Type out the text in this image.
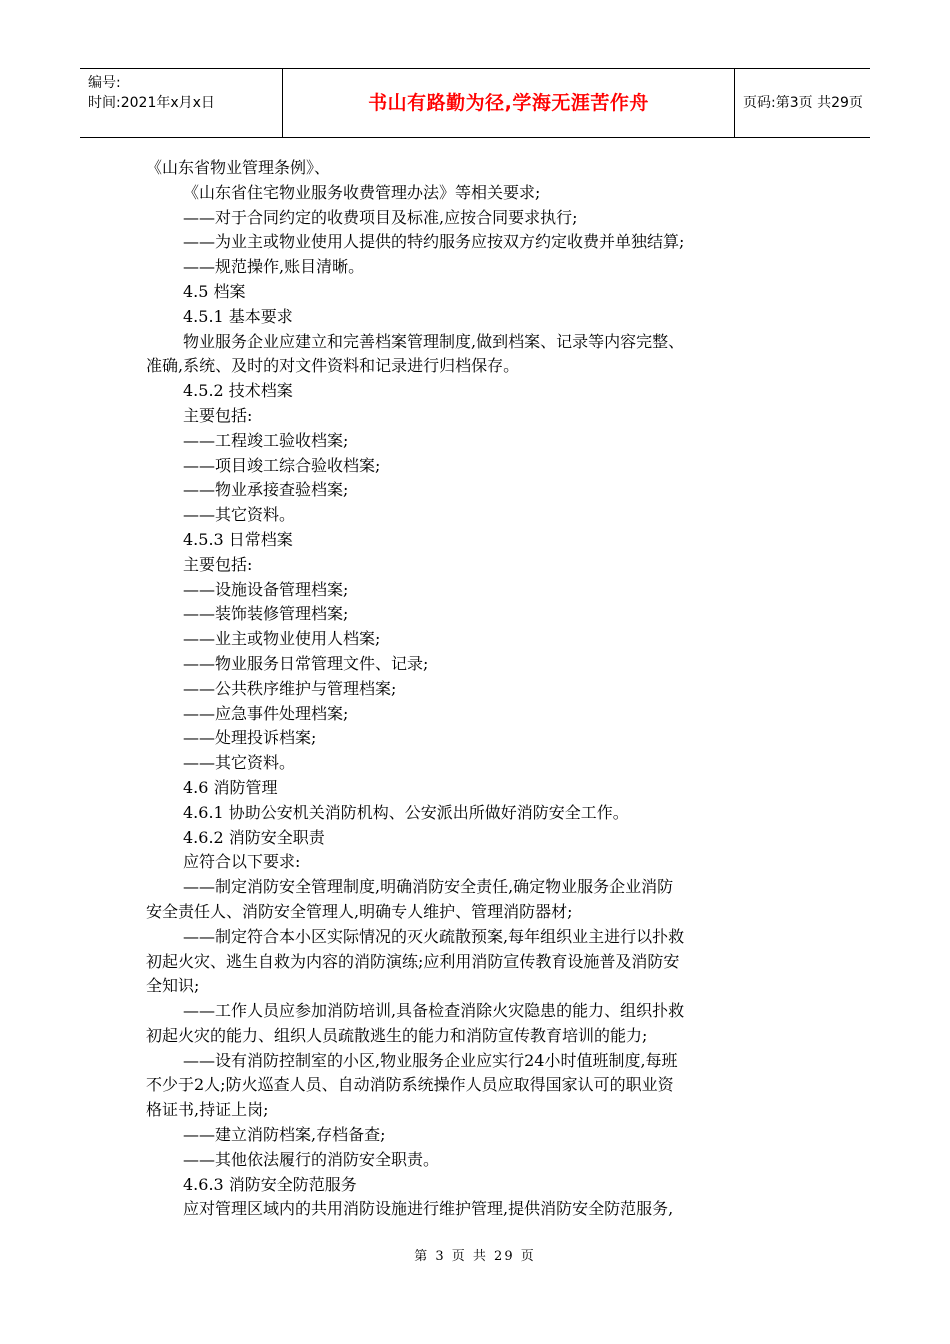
编号:
时间:2021年x月x日	书山有路勤为径,学海无涯苦作舟	页码:第3页 共29页
《山东省物业管理条例》、
《山东省住宅物业服务收费管理办法》等相关要求;
——对于合同约定的收费项目及标准,应按合同要求执行;
——为业主或物业使用人提供的特约服务应按双方约定收费并单独结算;
——规范操作,账目清晰。
4.5 档案
4.5.1 基本要求
物业服务企业应建立和完善档案管理制度,做到档案、记录等内容完整、
准确,系统、及时的对文件资料和记录进行归档保存。
4.5.2 技术档案
主要包括:
——工程竣工验收档案;
——项目竣工综合验收档案;
——物业承接查验档案;
——其它资料。
4.5.3 日常档案
主要包括:
——设施设备管理档案;
——装饰装修管理档案;
——业主或物业使用人档案;
——物业服务日常管理文件、记录;
——公共秩序维护与管理档案;
——应急事件处理档案;
——处理投诉档案;
——其它资料。
4.6 消防管理
4.6.1 协助公安机关消防机构、公安派出所做好消防安全工作。
4.6.2 消防安全职责
应符合以下要求:
——制定消防安全管理制度,明确消防安全责任,确定物业服务企业消防
安全责任人、消防安全管理人,明确专人维护、管理消防器材;
——制定符合本小区实际情况的灭火疏散预案,每年组织业主进行以扑救
初起火灾、逃生自救为内容的消防演练;应利用消防宣传教育设施普及消防安
全知识;
——工作人员应参加消防培训,具备检查消除火灾隐患的能力、组织扑救
初起火灾的能力、组织人员疏散逃生的能力和消防宣传教育培训的能力;
——设有消防控制室的小区,物业服务企业应实行24小时值班制度,每班
不少于2人;防火巡查人员、自动消防系统操作人员应取得国家认可的职业资
格证书,持证上岗;
——建立消防档案,存档备查;
——其他依法履行的消防安全职责。
4.6.3 消防安全防范服务
应对管理区域内的共用消防设施进行维护管理,提供消防安全防范服务,
第 3 页 共 29 页
